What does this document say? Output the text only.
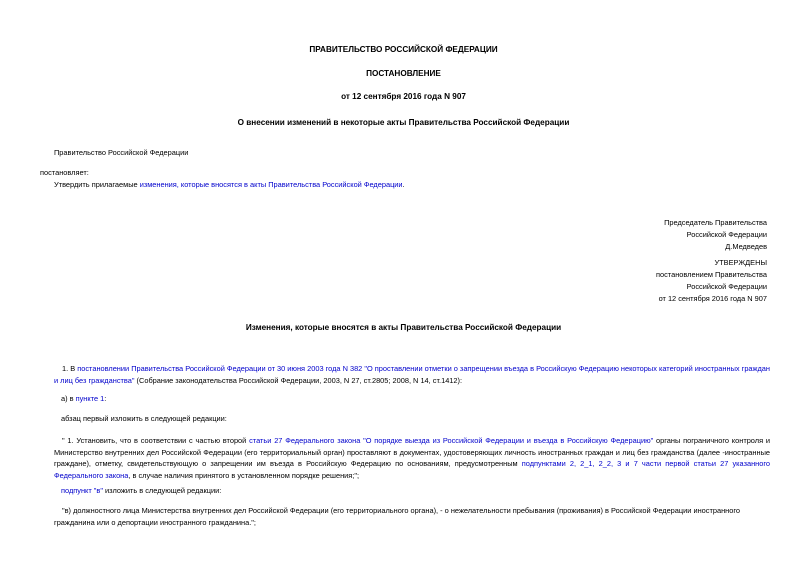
ПРАВИТЕЛЬСТВО РОССИЙСКОЙ ФЕДЕРАЦИИ
ПОСТАНОВЛЕНИЕ
от 12 сентября 2016 года N 907
О внесении изменений в некоторые акты Правительства Российской Федерации
Правительство Российской Федерации
постановляет:
Утвердить прилагаемые изменения, которые вносятся в акты Правительства Российской Федерации.
Председатель Правительства
Российской Федерации
Д.Медведев
УТВЕРЖДЕНЫ
постановлением Правительства
Российской Федерации
от 12 сентября 2016 года N 907
Изменения, которые вносятся в акты Правительства Российской Федерации
1. В постановлении Правительства Российской Федерации от 30 июня 2003 года N 382 "О проставлении отметки о запрещении въезда в Российскую Федерацию некоторых категорий иностранных граждан и лиц без гражданства" (Собрание законодательства Российской Федерации, 2003, N 27, ст.2805; 2008, N 14, ст.1412):
а) в пункте 1:
абзац первый изложить в следующей редакции:
" 1. Установить, что в соответствии с частью второй статьи 27 Федерального закона "О порядке выезда из Российской Федерации и въезда в Российскую Федерацию" органы пограничного контроля и Министерство внутренних дел Российской Федерации (его территориальный орган) проставляют в документах, удостоверяющих личность иностранных граждан и лиц без гражданства (далее -иностранные граждане), отметку, свидетельствующую о запрещении им въезда в Российскую Федерацию по основаниям, предусмотренным подпунктами 2, 2_1, 2_2, 3 и 7 части первой статьи 27 указанного Федерального закона, в случае наличия принятого в установленном порядке решения;";
подпункт "в" изложить в следующей редакции:
"в) должностного лица Министерства внутренних дел Российской Федерации (его территориального органа), - о нежелательности пребывания (проживания) в Российской Федерации иностранного гражданина или о депортации иностранного гражданина.";
